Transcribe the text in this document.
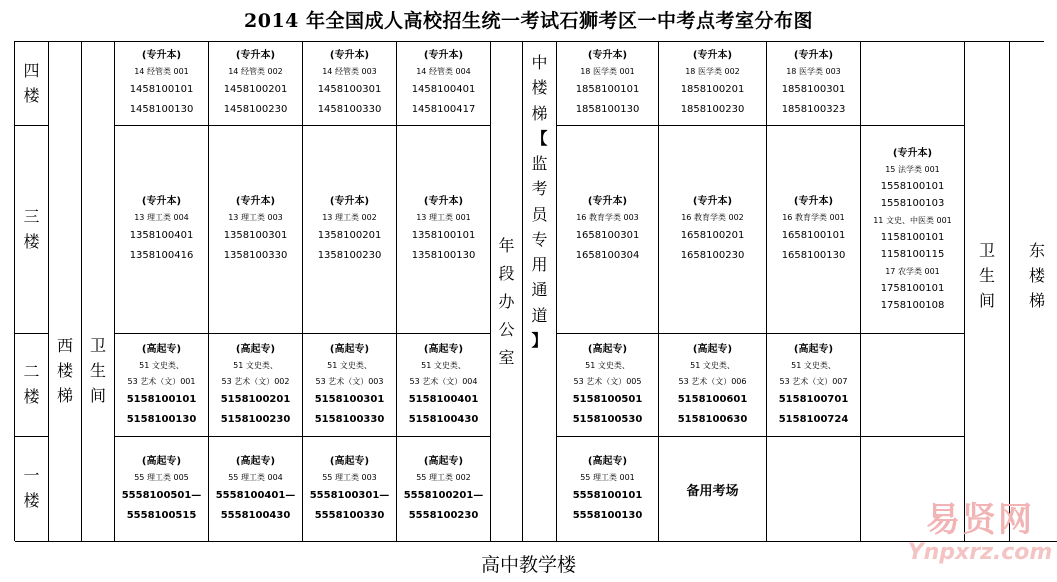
2014 年全国成人高校招生统一考试石狮考区一中考点考室分布图
四
楼
三
楼
二
楼
一
楼
西
楼
梯
卫
生
间
(专升本)
14 经管类 001
1458100101
1458100130
(专升本)
14 经管类 002
1458100201
1458100230
(专升本)
14 经管类 003
1458100301
1458100330
(专升本)
14 经管类 004
1458100401
1458100417
(专升本)
13 理工类 004
1358100401
1358100416
(专升本)
13 理工类 003
1358100301
1358100330
(专升本)
13 理工类 002
1358100201
1358100230
(专升本)
13 理工类 001
1358100101
1358100130
(高起专)
51 文史类、
53 艺术（文）001
5158100101
5158100130
(高起专)
51 文史类、
53 艺术（文）002
5158100201
5158100230
(高起专)
51 文史类、
53 艺术（文）003
5158100301
5158100330
(高起专)
51 文史类、
53 艺术（文）004
5158100401
5158100430
(高起专)
55 理工类 005
5558100501—
5558100515
(高起专)
55 理工类 004
5558100401—
5558100430
(高起专)
55 理工类 003
5558100301—
5558100330
(高起专)
55 理工类 002
5558100201—
5558100230
年
段
办
公
室
中
楼
梯
【
监
考
员
专
用
通
道
】
(专升本)
18 医学类 001
1858100101
1858100130
(专升本)
18 医学类 002
1858100201
1858100230
(专升本)
18 医学类 003
1858100301
1858100323
(专升本)
16 教育学类 003
1658100301
1658100304
(专升本)
16 教育学类 002
1658100201
1658100230
(专升本)
16 教育学类 001
1658100101
1658100130
(专升本)
15 法学类 001
1558100101
1558100103
11 文史、中医类 001
1158100101
1158100115
17 农学类 001
1758100101
1758100108
(高起专)
51 文史类、
53 艺术（文）005
5158100501
5158100530
(高起专)
51 文史类、
53 艺术（文）006
5158100601
5158100630
(高起专)
51 文史类、
53 艺术（文）007
5158100701
5158100724
(高起专)
55 理工类 001
5558100101
5558100130
备用考场
卫
生
间
东
楼
梯
高中教学楼
易贤网
Ynpxrz.com
